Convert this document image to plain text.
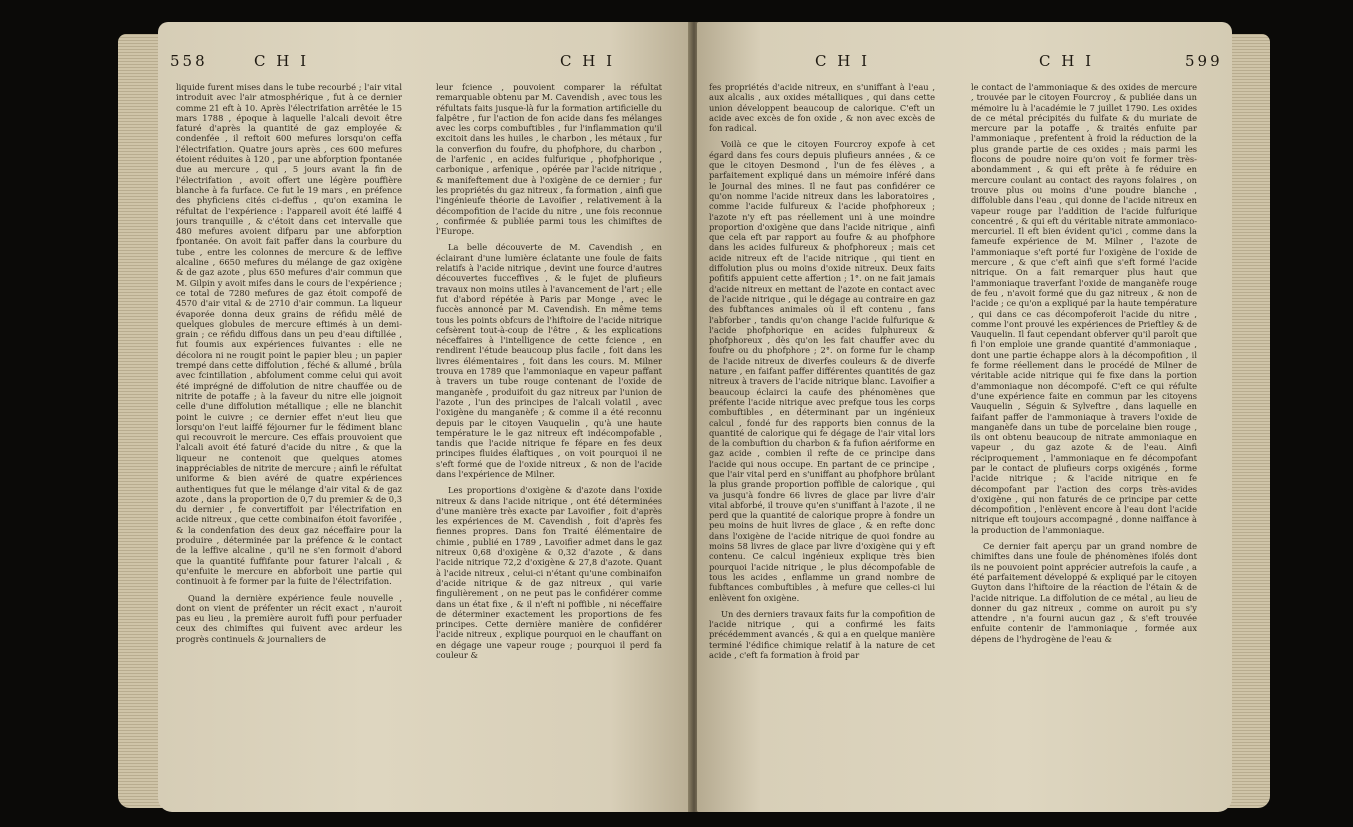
558	C H I	C H I

liquide furent mises dans le tube recourbé ; l'air vital introduit avec l'air atmosphérique , fut à ce dernier comme 21 eft à 10. Après l'électrifation arrêtée le 15 mars 1788 , époque à laquelle l'alcali devoit être faturé d'après la quantité de gaz employée & condenfée , il reftoit 600 mefures lorsqu'on ceffa l'électrifation. Quatre jours après , ces 600 mefures étoient réduites à 120 , par une abforption fpontanée due au mercure , qui , 5 jours avant la fin de l'électrifation , avoit offert une légère pouffière blanche à fa furface. Ce fut le 19 mars , en préfence des phyficiens cités ci-deffus , qu'on examina le réfultat de l'expérience : l'appareil avoit été laiffé 4 jours tranquille , & c'étoit dans cet intervalle que 480 mefures avoient difparu par une abforption fpontanée. On avoit fait paffer dans la courbure du tube , entre les colonnes de mercure & de leffive alcaline , 6650 mefures du mélange de gaz oxigène & de gaz azote , plus 650 mefures d'air commun que M. Gilpin y avoit mifes dans le cours de l'expérience ; ce total de 7280 mefures de gaz étoit compofé de 4570 d'air vital & de 2710 d'air commun. La liqueur évaporée donna deux grains de réfidu mêlé de quelques globules de mercure eftimés à un demi-grain ; ce réfidu diffous dans un peu d'eau diftillée , fut foumis aux expériences fuivantes : elle ne décolora ni ne rougit point le papier bleu ; un papier trempé dans cette diffolution , féché & allumé , brûla avec fcintillation , abfolument comme celui qui avoit été imprégné de diffolution de nitre chauffée ou de nitrite de potaffe ; à la faveur du nitre elle joignoit celle d'une diffolution métallique ; elle ne blanchit point le cuivre ; ce dernier effet n'eut lieu que lorsqu'on l'eut laiffé féjourner fur le fédiment blanc qui recouvroit le mercure. Ces effais prouvoient que l'alcali avoit été faturé d'acide du nitre , & que la liqueur ne contenoit que quelques atomes inappréciables de nitrite de mercure ; ainfi le réfultat uniforme & bien avéré de quatre expériences authentiques fut que le mélange d'air vital & de gaz azote , dans la proportion de 0,7 du premier & de 0,3 du dernier , fe convertiffoit par l'électrifation en acide nitreux , que cette combinaifon étoit favorifée , & la condenfation des deux gaz néceffaire pour la produire , déterminée par la préfence & le contact de la leffive alcaline , qu'il ne s'en formoit d'abord que la quantité fuffifante pour faturer l'alcali , & qu'enfuite le mercure en abforboit une partie qui continuoit à fe former par la fuite de l'électrifation.

Quand la dernière expérience feule nouvelle , dont on vient de préfenter un récit exact , n'auroit pas eu lieu , la première auroit fuffi pour perfuader ceux des chimiftes qui fuivent avec ardeur les progrès continuels & journaliers de

leur fcience , pouvoient comparer la réfultat remarquable obtenu par M. Cavendish , avec tous les réfultats faits jusque-là fur la formation artificielle du falpêtre , fur l'action de fon acide dans fes mélanges avec les corps combuftibles , fur l'inflammation qu'il excitoit dans les huiles , le charbon , les métaux , fur la converfion du foufre, du phofphore, du charbon , de l'arfenic , en acides fulfurique , phofphorique , carbonique , arfenique , opérée par l'acide nitrique , & manifeftement due à l'oxigène de ce dernier ; fur les propriétés du gaz nitreux , fa formation , ainfi que l'ingénieufe théorie de Lavoifier , relativement à la décompofition de l'acide du nitre , une fois reconnue , confirmée & publiée parmi tous les chimiftes de l'Europe.

La belle découverte de M. Cavendish , en éclairant d'une lumière éclatante une foule de faits relatifs à l'acide nitrique , devint une fource d'autres découvertes fucceffives , & le fujet de plufieurs travaux non moins utiles à l'avancement de l'art ; elle fut d'abord répétée à Paris par Monge , avec le fuccès annoncé par M. Cavendish. En même tems tous les points obfcurs de l'hiftoire de l'acide nitrique cefsèrent tout-à-coup de l'être , & les explications néceffaires à l'intelligence de cette fcience , en rendirent l'étude beaucoup plus facile , foit dans les livres élémentaires , foit dans les cours. M. Milner trouva en 1789 que l'ammoniaque en vapeur paffant à travers un tube rouge contenant de l'oxide de manganèfe , produifoit du gaz nitreux par l'union de l'azote , l'un des principes de l'alcali volatil , avec l'oxigène du manganèfe ; & comme il a été reconnu depuis par le citoyen Vauquelin , qu'à une haute température le le gaz nitreux eft indécompofable , tandis que l'acide nitrique fe fépare en fes deux principes fluides élaftiques , on voit pourquoi il ne s'eft formé que de l'oxide nitreux , & non de l'acide dans l'expérience de Milner.

Les proportions d'oxigène & d'azote dans l'oxide nitreux & dans l'acide nitrique , ont été déterminées d'une manière très exacte par Lavoifier , foit d'après les expériences de M. Cavendish , foit d'après fes fiennes propres. Dans fon Traité élémentaire de chimie , publié en 1789 , Lavoifier admet dans le gaz nitreux 0,68 d'oxigène & 0,32 d'azote , & dans l'acide nitrique 72,2 d'oxigène & 27,8 d'azote. Quant à l'acide nitreux , celui-ci n'étant qu'une combinaifon d'acide nitrique & de gaz nitreux , qui varie fingulièrement , on ne peut pas le confidérer comme dans un état fixe , & il n'eft ni poffible , ni néceffaire de déterminer exactement les proportions de fes principes. Cette dernière manière de confidérer l'acide nitreux , explique pourquoi en le chauffant on en dégage une vapeur rouge ; pourquoi il perd fa couleur &

C H I	C H I	599

fes propriétés d'acide nitreux, en s'uniffant à l'eau , aux alcalis , aux oxides métalliques , qui dans cette union développent beaucoup de calorique. C'eft un acide avec excès de fon oxide , & non avec excès de fon radical.

Voilà ce que le citoyen Fourcroy expofe à cet égard dans fes cours depuis plufieurs années , & ce que le citoyen Desmond , l'un de fes élèves , a parfaitement expliqué dans un mémoire inféré dans le Journal des mines. Il ne faut pas confidérer ce qu'on nomme l'acide nitreux dans les laboratoires , comme l'acide fulfureux & l'acide phofphoreux ; l'azote n'y eft pas réellement uni à une moindre proportion d'oxigène que dans l'acide nitrique , ainfi que cela eft par rapport au foufre & au phofphore dans les acides fulfureux & phofphoreux ; mais cet acide nitreux eft de l'acide nitrique , qui tient en diffolution plus ou moins d'oxide nitreux. Deux faits pofitifs appuient cette affertion ; 1°. on ne fait jamais d'acide nitreux en mettant de l'azote en contact avec de l'acide nitrique , qui le dégage au contraire en gaz des fubftances animales où il eft contenu , fans l'abforber , tandis qu'on change l'acide fulfurique & l'acide phofphorique en acides fulphureux & phofphoreux , dès qu'on les fait chauffer avec du foufre ou du phofphore ; 2°. on forme fur le champ de l'acide nitreux de diverfes couleurs & de diverfe nature , en faifant paffer différentes quantités de gaz nitreux à travers de l'acide nitrique blanc. Lavoifier a beaucoup éclairci la caufe des phénomènes que préfente l'acide nitrique avec prefque tous les corps combuftibles , en déterminant par un ingénieux calcul , fondé fur des rapports bien connus de la quantité de calorique qui fe dégage de l'air vital lors de la combuftion du charbon & fa fufion aériforme en gaz acide , combien il refte de ce principe dans l'acide qui nous occupe. En partant de ce principe , que l'air vital perd en s'uniffant au phofphore brûlant la plus grande proportion poffible de calorique , qui va jusqu'à fondre 66 livres de glace par livre d'air vital abforbé, il trouve qu'en s'uniffant à l'azote , il ne perd que la quantité de calorique propre à fondre un peu moins de huit livres de glace , & en refte donc dans l'oxigène de l'acide nitrique de quoi fondre au moins 58 livres de glace par livre d'oxigène qui y eft contenu. Ce calcul ingénieux explique très bien pourquoi l'acide nitrique , le plus décompofable de tous les acides , enflamme un grand nombre de fubftances combuftibles , à mefure que celles-ci lui enlèvent fon oxigène.

Un des derniers travaux faits fur la compofition de l'acide nitrique , qui a confirmé les faits précédemment avancés , & qui a en quelque manière terminé l'édifice chimique relatif à la nature de cet acide , c'eft fa formation à froid par

le contact de l'ammoniaque & des oxides de mercure , trouvée par le citoyen Fourcroy , & publiée dans un mémoire lu à l'académie le 7 juillet 1790. Les oxides de ce métal précipités du fulfate & du muriate de mercure par la potaffe , & traités enfuite par l'ammoniaque , prefentent à froid la réduction de la plus grande partie de ces oxides ; mais parmi les flocons de poudre noire qu'on voit fe former très-abondamment , & qui eft prête à fe réduire en mercure coulant au contact des rayons folaires , on trouve plus ou moins d'une poudre blanche , diffoluble dans l'eau , qui donne de l'acide nitreux en vapeur rouge par l'addition de l'acide fulfurique concentré , & qui eft du véritable nitrate ammoniaco-mercuriel. Il eft bien évident qu'ici , comme dans la fameufe expérience de M. Milner , l'azote de l'ammoniaque s'eft porté fur l'oxigène de l'oxide de mercure , & que c'eft ainfi que s'eft formé l'acide nitrique. On a fait remarquer plus haut que l'ammoniaque traverfant l'oxide de manganèfe rouge de feu , n'avoit formé que du gaz nitreux , & non de l'acide ; ce qu'on a expliqué par la haute température , qui dans ce cas décompoferoit l'acide du nitre , comme l'ont prouvé les expériences de Prieftley & de Vauquelin. Il faut cependant obferver qu'il paroît que fi l'on emploie une grande quantité d'ammoniaque , dont une partie échappe alors à la décompofition , il fe forme réellement dans le procédé de Milner de véritable acide nitrique qui fe fixe dans la portion d'ammoniaque non décompofé. C'eft ce qui réfulte d'une expérience faite en commun par les citoyens Vauquelin , Séguin & Sylveftre , dans laquelle en faifant paffer de l'ammoniaque à travers l'oxide de manganèfe dans un tube de porcelaine bien rouge , ils ont obtenu beaucoup de nitrate ammoniaque en vapeur , du gaz azote & de l'eau. Ainfi réciproquement , l'ammoniaque en fe décompofant par le contact de plufieurs corps oxigénés , forme l'acide nitrique ; & l'acide nitrique en fe décompofant par l'action des corps très-avides d'oxigène , qui non faturés de ce principe par cette décompofition , l'enlèvent encore à l'eau dont l'acide nitrique eft toujours accompagné , donne naiffance à la production de l'ammoniaque.

Ce dernier fait aperçu par un grand nombre de chimiftes dans une foule de phénomènes ifolés dont ils ne pouvoient point apprécier autrefois la caufe , a été parfaitement développé & expliqué par le citoyen Guyton dans l'hiftoire de la réaction de l'étain & de l'acide nitrique. La diffolution de ce métal , au lieu de donner du gaz nitreux , comme on auroit pu s'y attendre , n'a fourni aucun gaz , & s'eft trouvée enfuite contenir de l'ammoniaque , formée aux dépens de l'hydrogène de l'eau &
